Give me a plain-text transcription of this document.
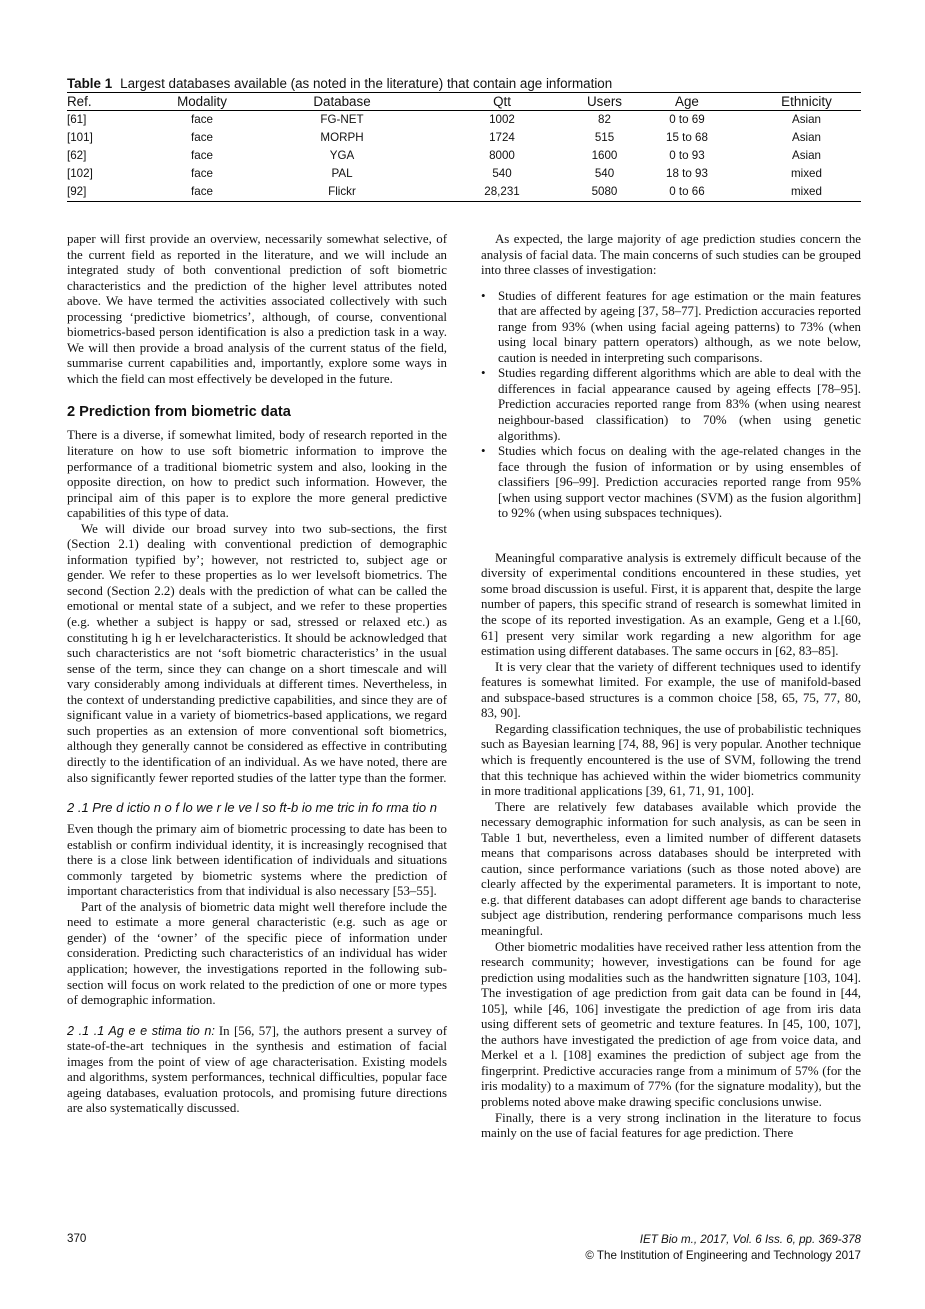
Table 1 Largest databases available (as noted in the literature) that contain age information
Ref.	Modality	Database	Qtt	Users	Age	Ethnicity
[61]	face	FG-NET	1002	82	0 to 69	Asian
[101]	face	MORPH	1724	515	15 to 68	Asian
[62]	face	YGA	8000	1600	0 to 93	Asian
[102]	face	PAL	540	540	18 to 93	mixed
[92]	face	Flickr	28,231	5080	0 to 66	mixed

paper will first provide an overview, necessarily somewhat selective, of the current field as reported in the literature, and we will include an integrated study of both conventional prediction of soft biometric characteristics and the prediction of the higher level attributes noted above. We have termed the activities associated collectively with such processing ‘predictive biometrics’, although, of course, conventional biometrics-based person identification is also a prediction task in a way. We will then provide a broad analysis of the current status of the field, summarise current capabilities and, importantly, explore some ways in which the field can most effectively be developed in the future.

2 Prediction from biometric data

There is a diverse, if somewhat limited, body of research reported in the literature on how to use soft biometric information to improve the performance of a traditional biometric system and also, looking in the opposite direction, on how to predict such information. However, the principal aim of this paper is to explore the more general predictive capabilities of this type of data.

We will divide our broad survey into two sub-sections, the first (Section 2.1) dealing with conventional prediction of demographic information typified by’; however, not restricted to, subject age or gender. We refer to these properties as lo wer levelsoft biometrics. The second (Section 2.2) deals with the prediction of what can be called the emotional or mental state of a subject, and we refer to these properties (e.g. whether a subject is happy or sad, stressed or relaxed etc.) as constituting h ig h er levelcharacteristics. It should be acknowledged that such characteristics are not ‘soft biometric characteristics’ in the usual sense of the term, since they can change on a short timescale and will vary considerably among individuals at different times. Nevertheless, in the context of understanding predictive capabilities, and since they are of significant value in a variety of biometrics-based applications, we regard such properties as an extension of more conventional soft biometrics, although they generally cannot be considered as effective in contributing directly to the identification of an individual. As we have noted, there are also significantly fewer reported studies of the latter type than the former.

2 .1 Pre d ictio n o f lo we r le ve l so ft-b io me tric in fo rma tio n

Even though the primary aim of biometric processing to date has been to establish or confirm individual identity, it is increasingly recognised that there is a close link between identification of individuals and situations commonly targeted by biometric systems where the prediction of important characteristics from that individual is also necessary [53–55].

Part of the analysis of biometric data might well therefore include the need to estimate a more general characteristic (e.g. such as age or gender) of the ‘owner’ of the specific piece of information under consideration. Predicting such characteristics of an individual has wider application; however, the investigations reported in the following sub-section will focus on work related to the prediction of one or more types of demographic information.

2 .1 .1 Ag e e stima tio n: In [56, 57], the authors present a survey of state-of-the-art techniques in the synthesis and estimation of facial images from the point of view of age characterisation. Existing models and algorithms, system performances, technical difficulties, popular face ageing databases, evaluation protocols, and promising future directions are also systematically discussed.

As expected, the large majority of age prediction studies concern the analysis of facial data. The main concerns of such studies can be grouped into three classes of investigation:

• Studies of different features for age estimation or the main features that are affected by ageing [37, 58–77]. Prediction accuracies reported range from 93% (when using facial ageing patterns) to 73% (when using local binary pattern operators) although, as we note below, caution is needed in interpreting such comparisons.
• Studies regarding different algorithms which are able to deal with the differences in facial appearance caused by ageing effects [78–95]. Prediction accuracies reported range from 83% (when using nearest neighbour-based classification) to 70% (when using genetic algorithms).
• Studies which focus on dealing with the age-related changes in the face through the fusion of information or by using ensembles of classifiers [96–99]. Prediction accuracies reported range from 95% [when using support vector machines (SVM) as the fusion algorithm] to 92% (when using subspaces techniques).

Meaningful comparative analysis is extremely difficult because of the diversity of experimental conditions encountered in these studies, yet some broad discussion is useful. First, it is apparent that, despite the large number of papers, this specific strand of research is somewhat limited in the scope of its reported investigation. As an example, Geng et a l.[60, 61] present very similar work regarding a new algorithm for age estimation using different databases. The same occurs in [62, 83–85].

It is very clear that the variety of different techniques used to identify features is somewhat limited. For example, the use of manifold-based and subspace-based structures is a common choice [58, 65, 75, 77, 80, 83, 90].

Regarding classification techniques, the use of probabilistic techniques such as Bayesian learning [74, 88, 96] is very popular. Another technique which is frequently encountered is the use of SVM, following the trend that this technique has achieved within the wider biometrics community in more traditional applications [39, 61, 71, 91, 100].

There are relatively few databases available which provide the necessary demographic information for such analysis, as can be seen in Table 1 but, nevertheless, even a limited number of different datasets means that comparisons across databases should be interpreted with caution, since performance variations (such as those noted above) are clearly affected by the experimental parameters. It is important to note, e.g. that different databases can adopt different age bands to characterise subject age distribution, rendering performance comparisons much less meaningful.

Other biometric modalities have received rather less attention from the research community; however, investigations can be found for age prediction using modalities such as the handwritten signature [103, 104]. The investigation of age prediction from gait data can be found in [44, 105], while [46, 106] investigate the prediction of age from iris data using different sets of geometric and texture features. In [45, 100, 107], the authors have investigated the prediction of age from voice data, and Merkel et a l. [108] examines the prediction of subject age from the fingerprint. Predictive accuracies range from a minimum of 57% (for the iris modality) to a maximum of 77% (for the signature modality), but the problems noted above make drawing specific conclusions unwise.

Finally, there is a very strong inclination in the literature to focus mainly on the use of facial features for age prediction. There

370	IET Bio m., 2017, Vol. 6 Iss. 6, pp. 369-378
© The Institution of Engineering and Technology 2017
